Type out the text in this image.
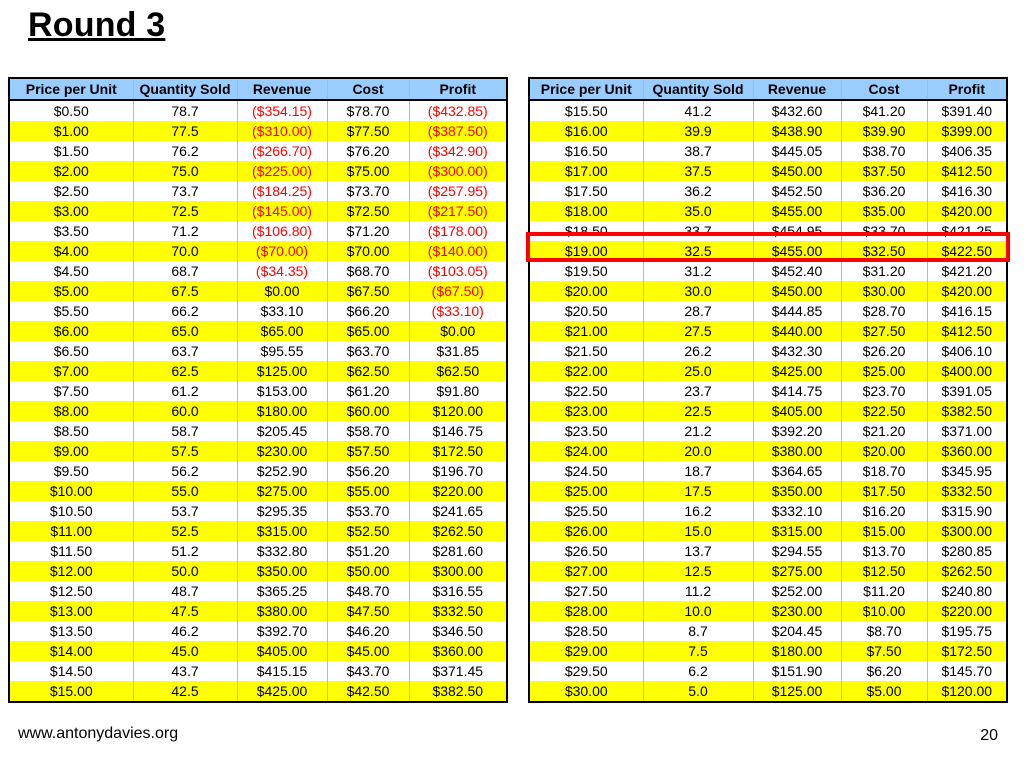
Round 3
Price per Unit	Quantity Sold	Revenue	Cost	Profit
$0.50	78.7	($354.15)	$78.70	($432.85)
$1.00	77.5	($310.00)	$77.50	($387.50)
$1.50	76.2	($266.70)	$76.20	($342.90)
$2.00	75.0	($225.00)	$75.00	($300.00)
$2.50	73.7	($184.25)	$73.70	($257.95)
$3.00	72.5	($145.00)	$72.50	($217.50)
$3.50	71.2	($106.80)	$71.20	($178.00)
$4.00	70.0	($70.00)	$70.00	($140.00)
$4.50	68.7	($34.35)	$68.70	($103.05)
$5.00	67.5	$0.00	$67.50	($67.50)
$5.50	66.2	$33.10	$66.20	($33.10)
$6.00	65.0	$65.00	$65.00	$0.00
$6.50	63.7	$95.55	$63.70	$31.85
$7.00	62.5	$125.00	$62.50	$62.50
$7.50	61.2	$153.00	$61.20	$91.80
$8.00	60.0	$180.00	$60.00	$120.00
$8.50	58.7	$205.45	$58.70	$146.75
$9.00	57.5	$230.00	$57.50	$172.50
$9.50	56.2	$252.90	$56.20	$196.70
$10.00	55.0	$275.00	$55.00	$220.00
$10.50	53.7	$295.35	$53.70	$241.65
$11.00	52.5	$315.00	$52.50	$262.50
$11.50	51.2	$332.80	$51.20	$281.60
$12.00	50.0	$350.00	$50.00	$300.00
$12.50	48.7	$365.25	$48.70	$316.55
$13.00	47.5	$380.00	$47.50	$332.50
$13.50	46.2	$392.70	$46.20	$346.50
$14.00	45.0	$405.00	$45.00	$360.00
$14.50	43.7	$415.15	$43.70	$371.45
$15.00	42.5	$425.00	$42.50	$382.50
Price per Unit	Quantity Sold	Revenue	Cost	Profit
$15.50	41.2	$432.60	$41.20	$391.40
$16.00	39.9	$438.90	$39.90	$399.00
$16.50	38.7	$445.05	$38.70	$406.35
$17.00	37.5	$450.00	$37.50	$412.50
$17.50	36.2	$452.50	$36.20	$416.30
$18.00	35.0	$455.00	$35.00	$420.00
$18.50	33.7	$454.95	$33.70	$421.25
$19.00	32.5	$455.00	$32.50	$422.50
$19.50	31.2	$452.40	$31.20	$421.20
$20.00	30.0	$450.00	$30.00	$420.00
$20.50	28.7	$444.85	$28.70	$416.15
$21.00	27.5	$440.00	$27.50	$412.50
$21.50	26.2	$432.30	$26.20	$406.10
$22.00	25.0	$425.00	$25.00	$400.00
$22.50	23.7	$414.75	$23.70	$391.05
$23.00	22.5	$405.00	$22.50	$382.50
$23.50	21.2	$392.20	$21.20	$371.00
$24.00	20.0	$380.00	$20.00	$360.00
$24.50	18.7	$364.65	$18.70	$345.95
$25.00	17.5	$350.00	$17.50	$332.50
$25.50	16.2	$332.10	$16.20	$315.90
$26.00	15.0	$315.00	$15.00	$300.00
$26.50	13.7	$294.55	$13.70	$280.85
$27.00	12.5	$275.00	$12.50	$262.50
$27.50	11.2	$252.00	$11.20	$240.80
$28.00	10.0	$230.00	$10.00	$220.00
$28.50	8.7	$204.45	$8.70	$195.75
$29.00	7.5	$180.00	$7.50	$172.50
$29.50	6.2	$151.90	$6.20	$145.70
$30.00	5.0	$125.00	$5.00	$120.00
www.antonydavies.org	20
